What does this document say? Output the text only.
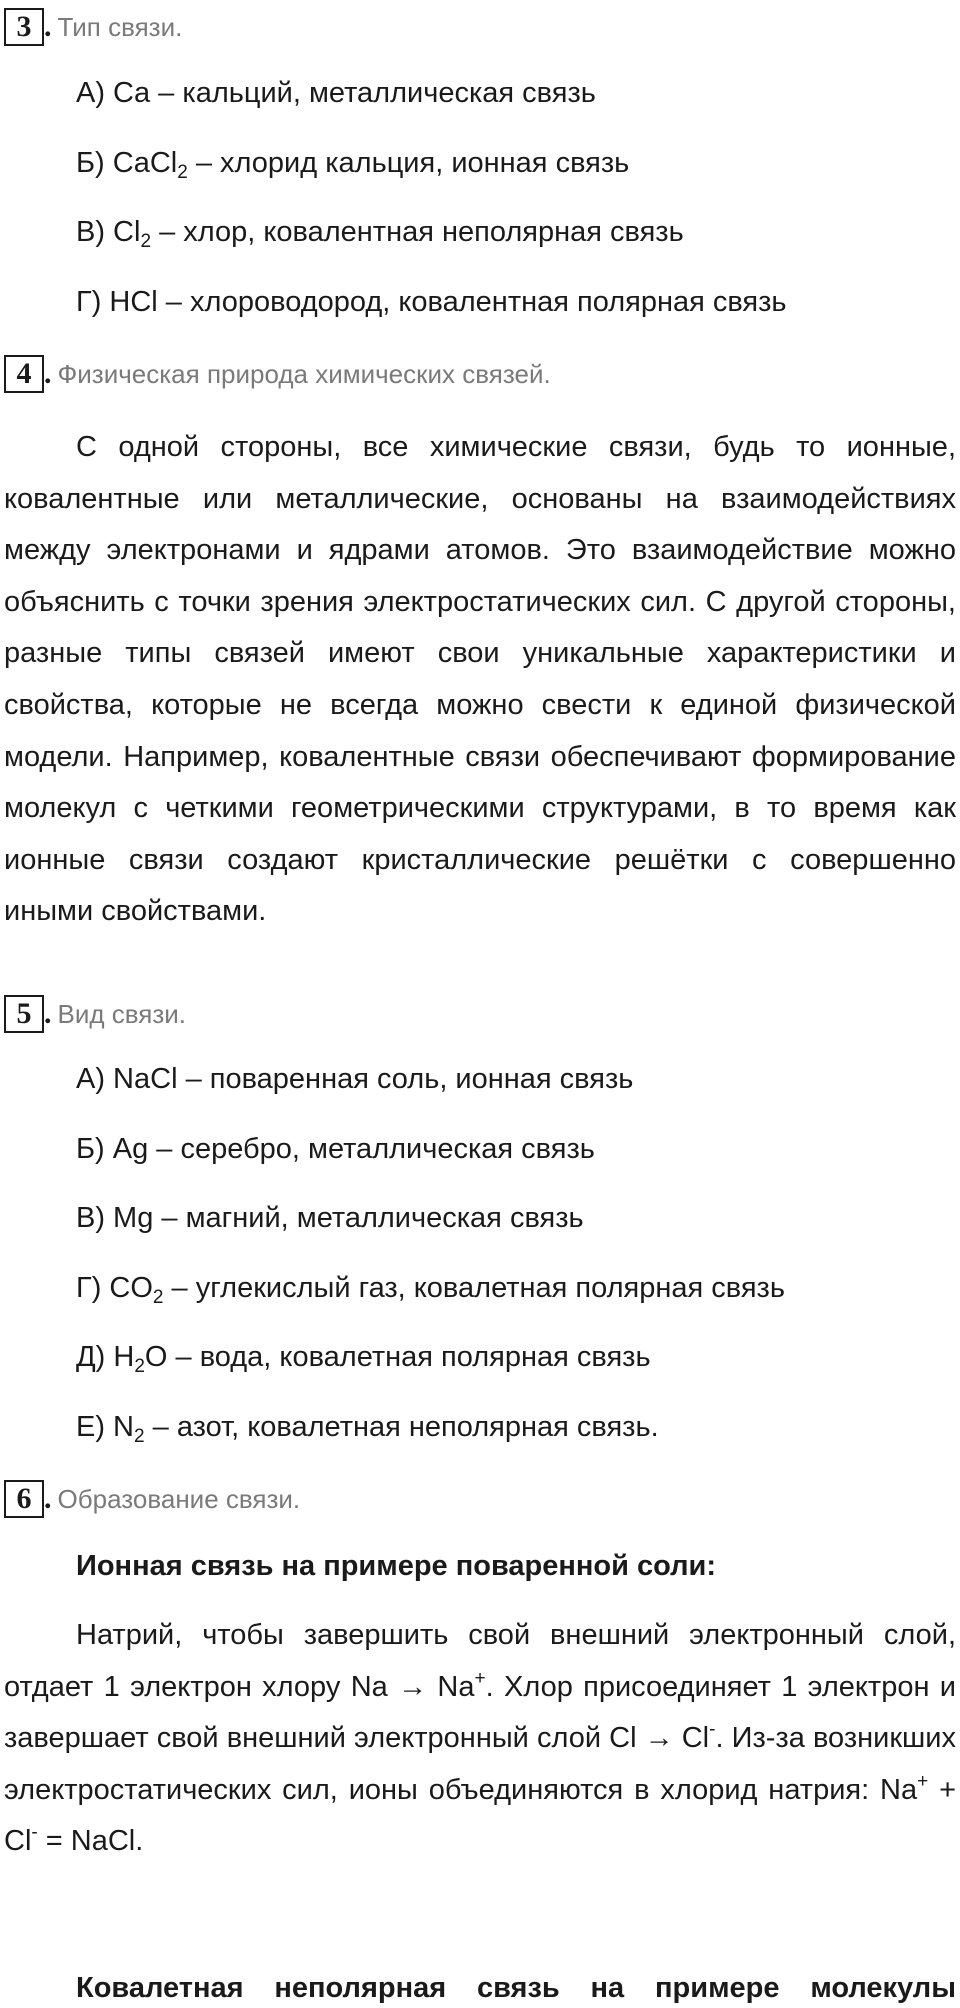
3 . Тип связи.
А) Ca – кальций, металлическая связь
Б) CaCl$_2$ – хлорид кальция, ионная связь
В) $Cl_2$ – хлор, ковалентная неполярная связь
Г) HCl – хлороводород, ковалентная полярная связь
4 . Физическая природа химических связей.

С одной стороны, все химические связи, будь то ионные, ковалентные или металлические, основаны на взаимодействиях между электронами и ядрами атомов. Это взаимодействие можно объяснить с точки зрения электростатических сил. С другой стороны, разные типы связей имеют свои уникальные характеристики и свойства, которые не всегда можно свести к единой физической модели. Например, ковалентные связи обеспечивают формирование молекул с четкими геометрическими структурами, в то время как ионные связи создают кристаллические решётки с совершенно иными свойствами.

5 . Вид связи.
А) NaCl – поваренная соль, ионная связь
Б) Ag – серебро, металлическая связь
В) Mg – магний, металлическая связь
Г) $CO_2$ – углекислый газ, ковалетная полярная связь
Д) $H_2O$ – вода, ковалетная полярная связь
Е) $N_2$ – азот, ковалетная неполярная связь.
6 . Образование связи.
Ионная связь на примере поваренной соли:

Натрий, чтобы завершить свой внешний электронный слой, отдает 1 электрон хлору Na → Na+. Хлор присоединяет 1 электрон и завершает свой внешний электронный слой Cl → Cl-. Из-за возникших электростатических сил, ионы объединяются в хлорид натрия: Na+ + Cl- = NaCl.

Ковалетная неполярная связь на примере молекулы
